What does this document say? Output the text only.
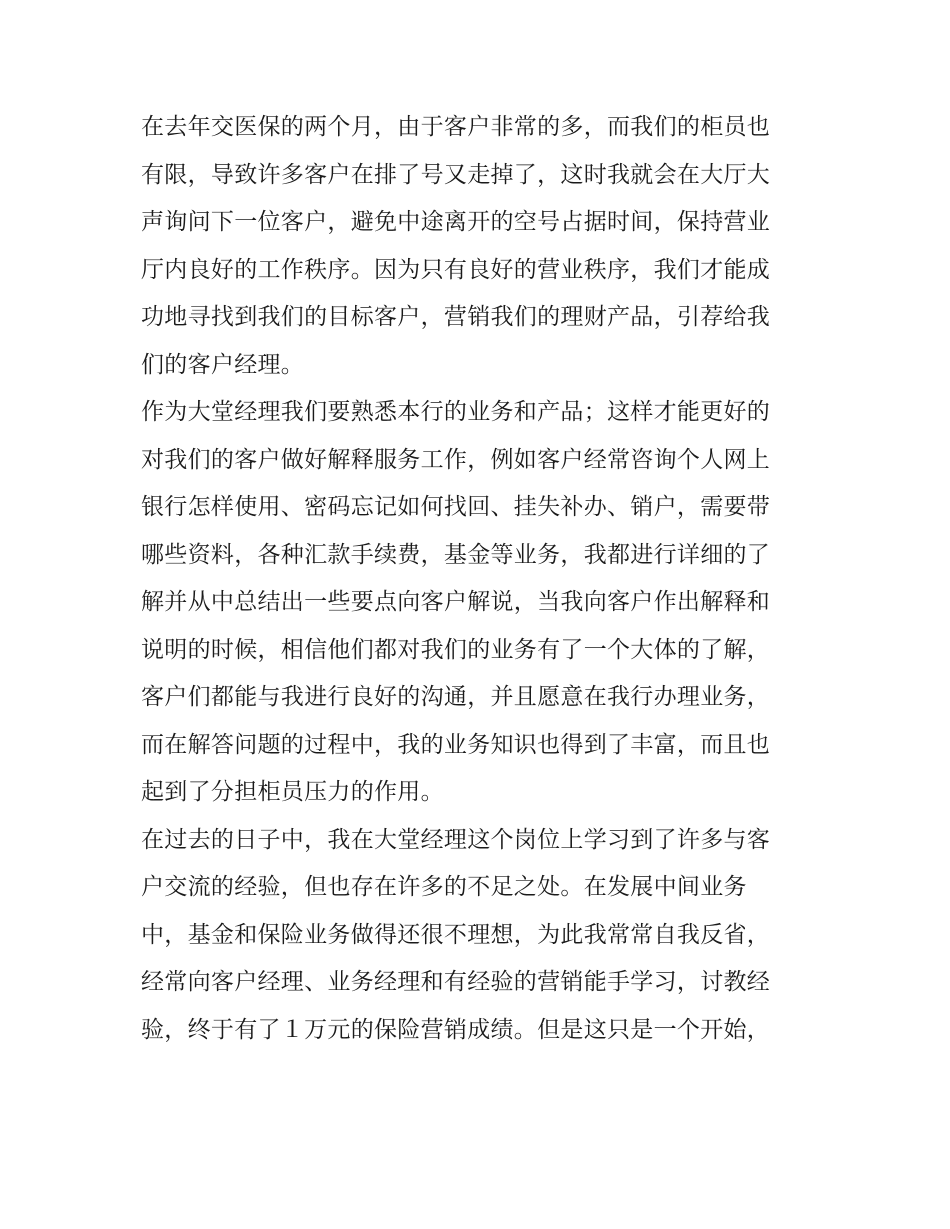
在去年交医保的两个月，由于客户非常的多，而我们的柜员也
有限，导致许多客户在排了号又走掉了，这时我就会在大厅大
声询问下一位客户，避免中途离开的空号占据时间，保持营业
厅内良好的工作秩序。因为只有良好的营业秩序，我们才能成
功地寻找到我们的目标客户，营销我们的理财产品，引荐给我
们的客户经理。
作为大堂经理我们要熟悉本行的业务和产品；这样才能更好的
对我们的客户做好解释服务工作，例如客户经常咨询个人网上
银行怎样使用、密码忘记如何找回、挂失补办、销户，需要带
哪些资料，各种汇款手续费，基金等业务，我都进行详细的了
解并从中总结出一些要点向客户解说，当我向客户作出解释和
说明的时候，相信他们都对我们的业务有了一个大体的了解，
客户们都能与我进行良好的沟通，并且愿意在我行办理业务，
而在解答问题的过程中，我的业务知识也得到了丰富，而且也
起到了分担柜员压力的作用。
在过去的日子中，我在大堂经理这个岗位上学习到了许多与客
户交流的经验，但也存在许多的不足之处。在发展中间业务
中，基金和保险业务做得还很不理想，为此我常常自我反省，
经常向客户经理、业务经理和有经验的营销能手学习，讨教经
验，终于有了１万元的保险营销成绩。但是这只是一个开始，
